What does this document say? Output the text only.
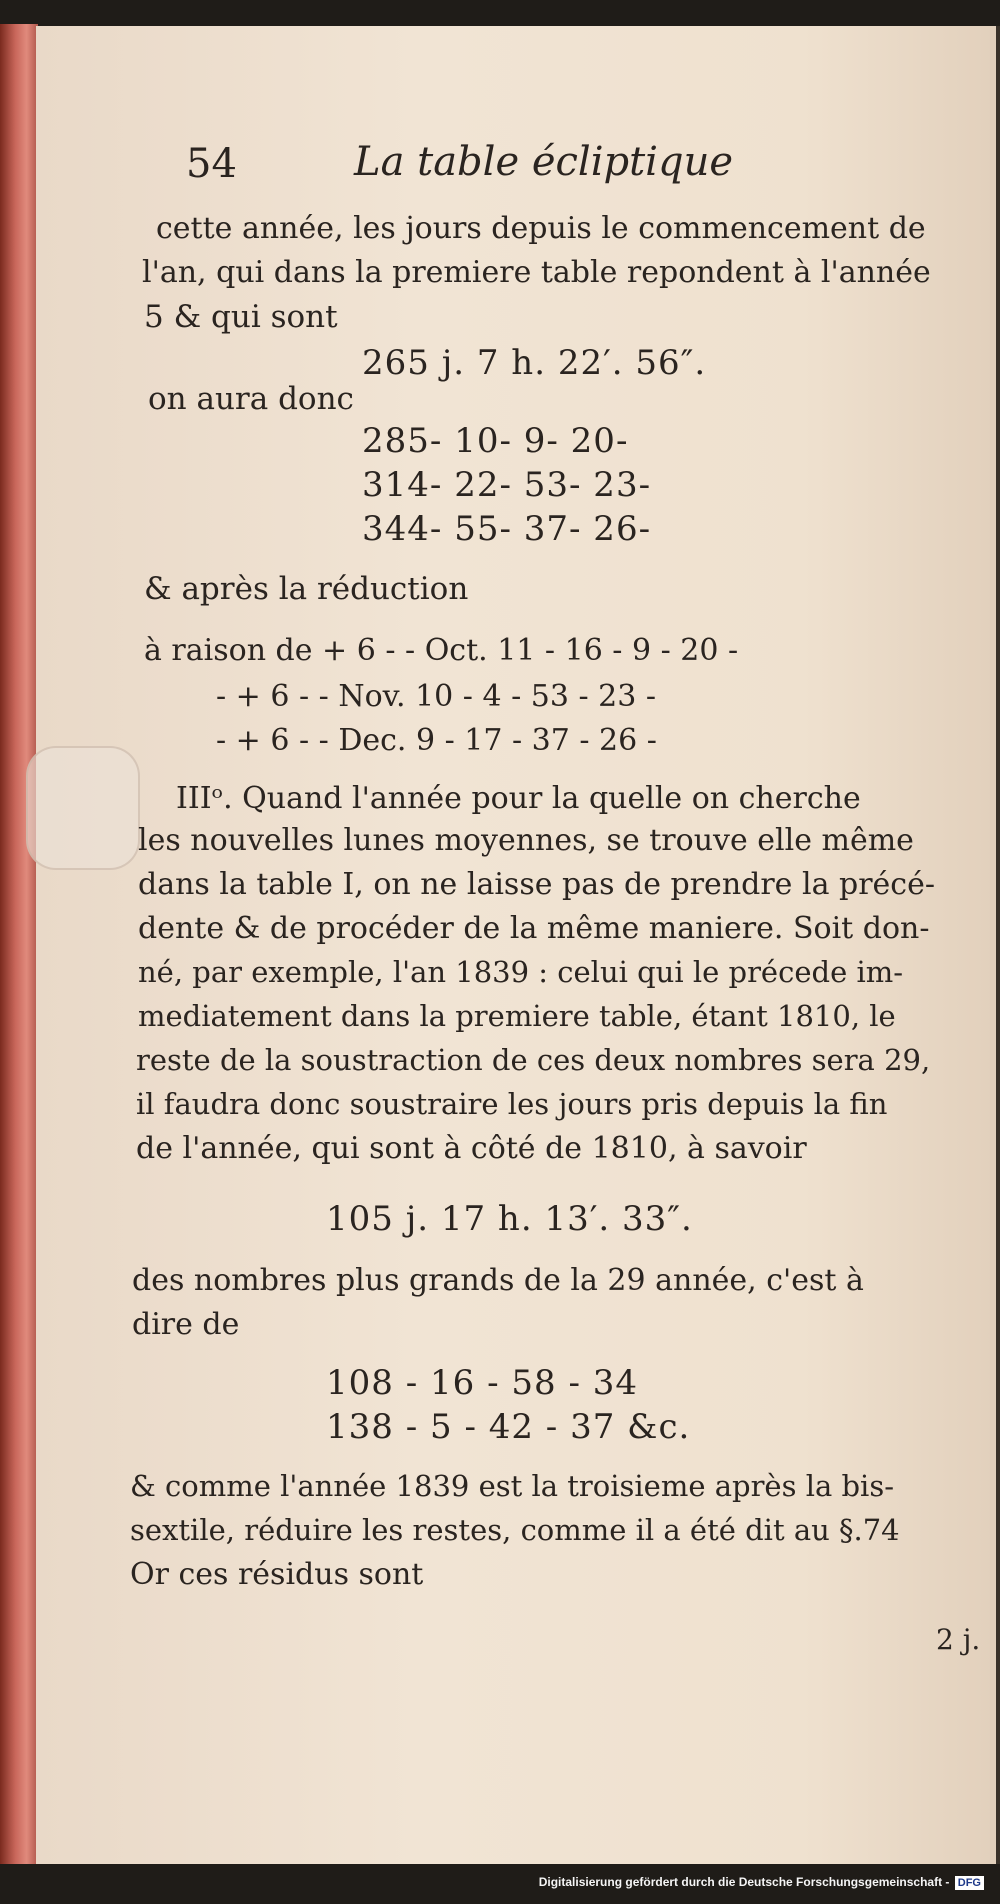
54	La table écliptique
cette année, les jours depuis le commencement de
l'an, qui dans la premiere table repondent à l'année
5 & qui sont
265 j. 7 h. 22′. 56″.
on aura donc
285- 10- 9- 20-
314- 22- 53- 23-
344- 55- 37- 26-
& après la réduction
à raison de + 6 - - Oct. 11 - 16 - 9 - 20 -
- + 6 - - Nov. 10 - 4 - 53 - 23 -
- + 6 - - Dec. 9 - 17 - 37 - 26 -
IIIᵒ. Quand l'année pour la quelle on cherche
les nouvelles lunes moyennes, se trouve elle même
dans la table I, on ne laisse pas de prendre la précé-
dente & de procéder de la même maniere. Soit don-
né, par exemple, l'an 1839 : celui qui le précede im-
mediatement dans la premiere table, étant 1810, le
reste de la soustraction de ces deux nombres sera 29,
il faudra donc soustraire les jours pris depuis la fin
de l'année, qui sont à côté de 1810, à savoir
105 j. 17 h. 13′. 33″.
des nombres plus grands de la 29 année, c'est à
dire de
108 - 16 - 58 - 34
138 - 5 - 42 - 37 &c.
& comme l'année 1839 est la troisieme après la bis-
sextile, réduire les restes, comme il a été dit au §.74
Or ces résidus sont
2 j.
Digitalisierung gefördert durch die Deutsche Forschungsgemeinschaft - DFG
